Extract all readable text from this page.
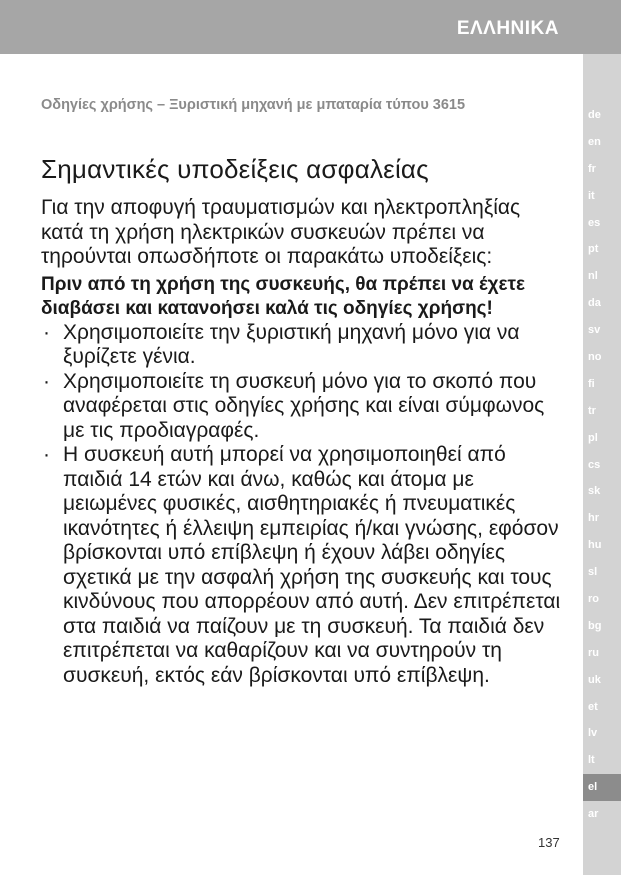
ΕΛΛΗΝΙΚΑ
de
en
fr
it
es
pt
nl
da
sv
no
fi
tr
pl
cs
sk
hr
hu
sl
ro
bg
ru
uk
et
lv
lt
el
ar
Οδηγίες χρήσης – Ξυριστική μηχανή με μπαταρία τύπου 3615
Σημαντικές υποδείξεις ασφαλείας

Για την αποφυγή τραυματισμών και ηλεκτροπληξίας κατά τη χρήση ηλεκτρικών συσκευών πρέπει να τηρούνται οπωσδήποτε οι παρακάτω υποδείξεις:

Πριν από τη χρήση της συσκευής, θα πρέπει να έχετε διαβάσει και κατανοήσει καλά τις οδηγίες χρήσης!

· Χρησιμοποιείτε την ξυριστική μηχανή μόνο για να ξυρίζετε γένια.
· Χρησιμοποιείτε τη συσκευή μόνο για το σκοπό που αναφέρεται στις οδηγίες χρήσης και είναι σύμφωνος με τις προδιαγραφές.
· Η συσκευή αυτή μπορεί να χρησιμοποιηθεί από παιδιά 14 ετών και άνω, καθώς και άτομα με μειωμένες φυσικές, αισθητηριακές ή πνευματικές ικανότητες ή έλλειψη εμπειρίας ή/και γνώσης, εφόσον βρίσκονται υπό επίβλεψη ή έχουν λάβει οδηγίες σχετικά με την ασφαλή χρήση της συσκευής και τους κινδύνους που απορρέουν από αυτή. Δεν επιτρέπεται στα παιδιά να παίζουν με τη συσκευή. Τα παιδιά δεν επιτρέπεται να καθαρίζουν και να συντηρούν τη συσκευή, εκτός εάν βρίσκονται υπό επίβλεψη.
137
